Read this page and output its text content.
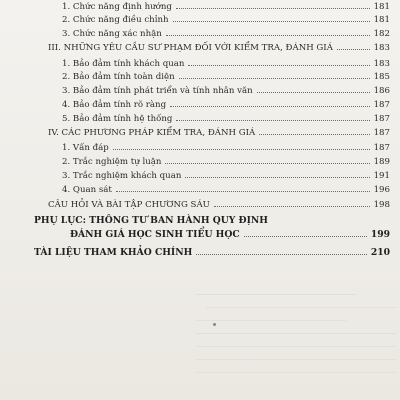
1. Chức năng định hướng	181
2. Chức năng điều chỉnh	181
3. Chức năng xác nhận	182
III. NHỮNG YÊU CẦU SƯ PHẠM ĐỐI VỚI KIỂM TRA, ĐÁNH GIÁ	183
1. Bảo đảm tính khách quan	183
2. Bảo đảm tính toàn diện	185
3. Bảo đảm tính phát triển và tính nhân văn	186
4. Bảo đảm tính rõ ràng	187
5. Bảo đảm tính hệ thống	187
IV. CÁC PHƯƠNG PHÁP KIỂM TRA, ĐÁNH GIÁ	187
1. Vấn đáp	187
2. Trắc nghiệm tự luận	189
3. Trắc nghiệm khách quan	191
4. Quan sát	196
CÂU HỎI VÀ BÀI TẬP CHƯƠNG SÁU	198
PHỤ LỤC: THÔNG TƯ BAN HÀNH QUY ĐỊNH
ĐÁNH GIÁ HỌC SINH TIỂU HỌC	199
TÀI LIỆU THAM KHẢO CHÍNH	210
